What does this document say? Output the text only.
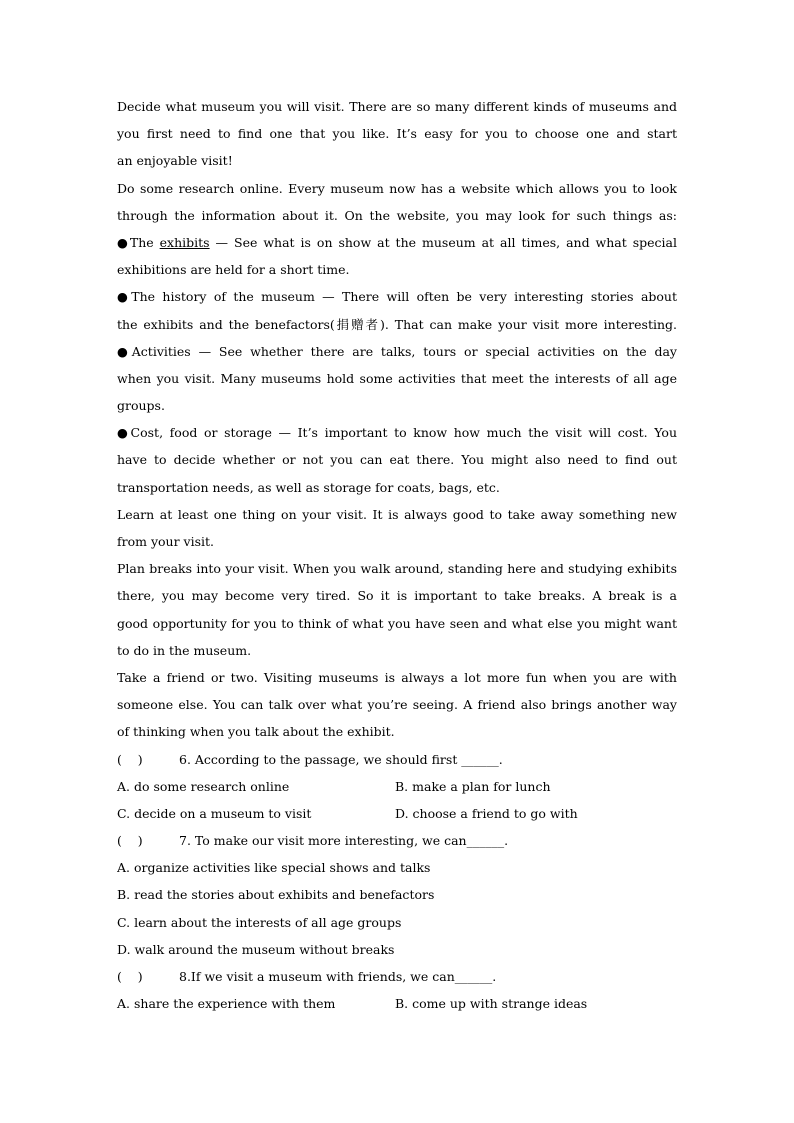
Decide what museum you will visit. There are so many different kinds of museums and
you first need to find one that you like. It’s easy for you to choose one and start
an enjoyable visit!
Do some research online. Every museum now has a website which allows you to look
through the information about it. On the website, you may look for such things as:
●The exhibits — See what is on show at the museum at all times, and what special
exhibitions are held for a short time.
●The history of the museum — There will often be very interesting stories about
the exhibits and the benefactors(捐赠者). That can make your visit more interesting.
●Activities — See whether there are talks, tours or special activities on the day
when you visit. Many museums hold some activities that meet the interests of all age
groups.
●Cost, food or storage — It’s important to know how much the visit will cost. You
have to decide whether or not you can eat there. You might also need to find out
transportation needs, as well as storage for coats, bags, etc.
Learn at least one thing on your visit. It is always good to take away something new
from your visit.
Plan breaks into your visit. When you walk around, standing here and studying exhibits
there, you may become very tired. So it is important to take breaks. A break is a
good opportunity for you to think of what you have seen and what else you might want
to do in the museum.
Take a friend or two. Visiting museums is always a lot more fun when you are with
someone else. You can talk over what you’re seeing. A friend also brings another way
of thinking when you talk about the exhibit.
(    )	6. According to the passage, we should first ______.
A. do some research online	B. make a plan for lunch
C. decide on a museum to visit	D. choose a friend to go with
(    )	7. To make our visit more interesting, we can______.
A. organize activities like special shows and talks
B. read the stories about exhibits and benefactors
C. learn about the interests of all age groups
D. walk around the museum without breaks
(    )	8.If we visit a museum with friends, we can______.
A. share the experience with them	B. come up with strange ideas
